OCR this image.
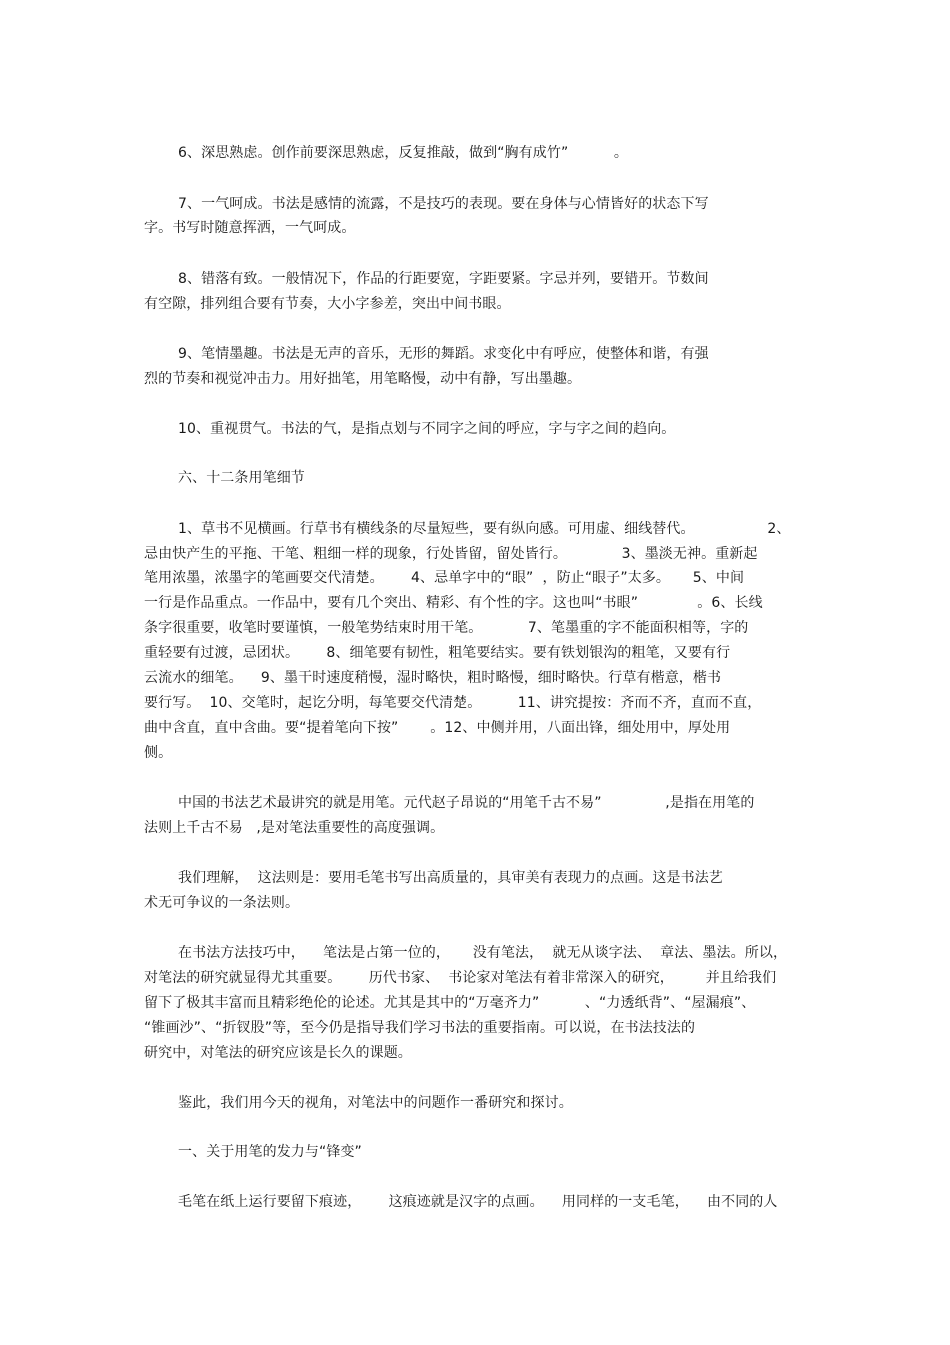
6、深思熟虑。创作前要深思熟虑，反复推敲，做到“胸有成竹”          。
7、一气呵成。书法是感情的流露，不是技巧的表现。要在身体与心情皆好的状态下写
字。书写时随意挥洒，一气呵成。
8、错落有致。一般情况下，作品的行距要宽，字距要紧。字忌并列，要错开。节数间
有空隙，排列组合要有节奏，大小字参差，突出中间书眼。
9、笔情墨趣。书法是无声的音乐，无形的舞蹈。求变化中有呼应，使整体和谐，有强
烈的节奏和视觉冲击力。用好拙笔，用笔略慢，动中有静，写出墨趣。
10、重视贯气。书法的气，是指点划与不同字之间的呼应，字与字之间的趋向。
六、十二条用笔细节
1、草书不见横画。行草书有横线条的尽量短些，要有纵向感。可用虚、细线替代。                2、
忌由快产生的平拖、干笔、粗细一样的现象，行处皆留，留处皆行。            3、墨淡无神。重新起
笔用浓墨，浓墨字的笔画要交代清楚。      4、忌单字中的“眼”  ，防止“眼子”太多。     5、中间
一行是作品重点。一作品中，要有几个突出、精彩、有个性的字。这也叫“书眼”             。6、长线
条字很重要，收笔时要谨慎，一般笔势结束时用干笔。          7、笔墨重的字不能面积相等，字的
重轻要有过渡，忌团状。      8、细笔要有韧性，粗笔要结实。要有铁划银沟的粗笔，又要有行
云流水的细笔。    9、墨干时速度稍慢，湿时略快，粗时略慢，细时略快。行草有楷意，楷书
要行写。  10、交笔时，起讫分明，每笔要交代清楚。        11、讲究提按：齐而不齐，直而不直，
曲中含直，直中含曲。要“提着笔向下按”       。12、中侧并用，八面出锋，细处用中，厚处用
侧。
中国的书法艺术最讲究的就是用笔。元代赵子昂说的“用笔千古不易”              ,是指在用笔的
法则上千古不易   ,是对笔法重要性的高度强调。
我们理解，  这法则是：要用毛笔书写出高质量的，具审美有表现力的点画。这是书法艺
术无可争议的一条法则。
在书法方法技巧中，    笔法是占第一位的，     没有笔法，  就无从谈字法、  章法、墨法。所以，
对笔法的研究就显得尤其重要。      历代书家、  书论家对笔法有着非常深入的研究，       并且给我们
留下了极其丰富而且精彩绝伦的论述。尤其是其中的“万毫齐力”          、“力透纸背”、“屋漏痕”、
“锥画沙”、“折钗股”等，至今仍是指导我们学习书法的重要指南。可以说，在书法技法的
研究中，对笔法的研究应该是长久的课题。
鉴此，我们用今天的视角，对笔法中的问题作一番研究和探讨。
一、关于用笔的发力与“锋变”
毛笔在纸上运行要留下痕迹，      这痕迹就是汉字的点画。    用同样的一支毛笔，    由不同的人
